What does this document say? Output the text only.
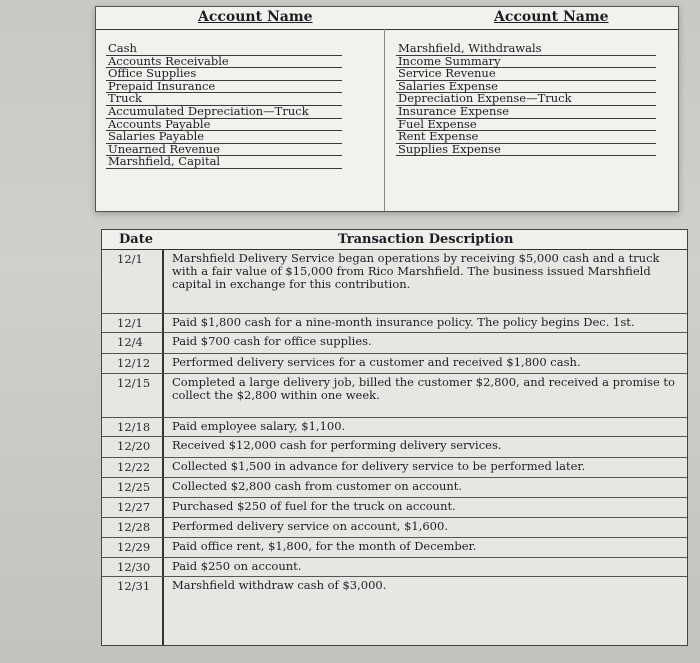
Account Name	Account Name
Cash
Accounts Receivable
Office Supplies
Prepaid Insurance
Truck
Accumulated Depreciation—Truck
Accounts Payable
Salaries Payable
Unearned Revenue
Marshfield, Capital
Marshfield, Withdrawals
Income Summary
Service Revenue
Salaries Expense
Depreciation Expense—Truck
Insurance Expense
Fuel Expense
Rent Expense
Supplies Expense
Date	Transaction Description
12/1	Marshfield Delivery Service began operations by receiving $5,000 cash and a truck with a fair value of $15,000 from Rico Marshfield. The business issued Marshfield capital in exchange for this contribution.
12/1	Paid $1,800 cash for a nine-month insurance policy. The policy begins Dec. 1st.
12/4	Paid $700 cash for office supplies.
12/12 Performed delivery services for a customer and received $1,800 cash.
12/15 Completed a large delivery job, billed the customer $2,800, and received a promise to collect the $2,800 within one week.
12/18 Paid employee salary, $1,100.
12/20 Received $12,000 cash for performing delivery services.
12/22 Collected $1,500 in advance for delivery service to be performed later.
12/25 Collected $2,800 cash from customer on account.
12/27 Purchased $250 of fuel for the truck on account.
12/28 Performed delivery service on account, $1,600.
12/29 Paid office rent, $1,800, for the month of December.
12/30 Paid $250 on account.
12/31 Marshfield withdraw cash of $3,000.
